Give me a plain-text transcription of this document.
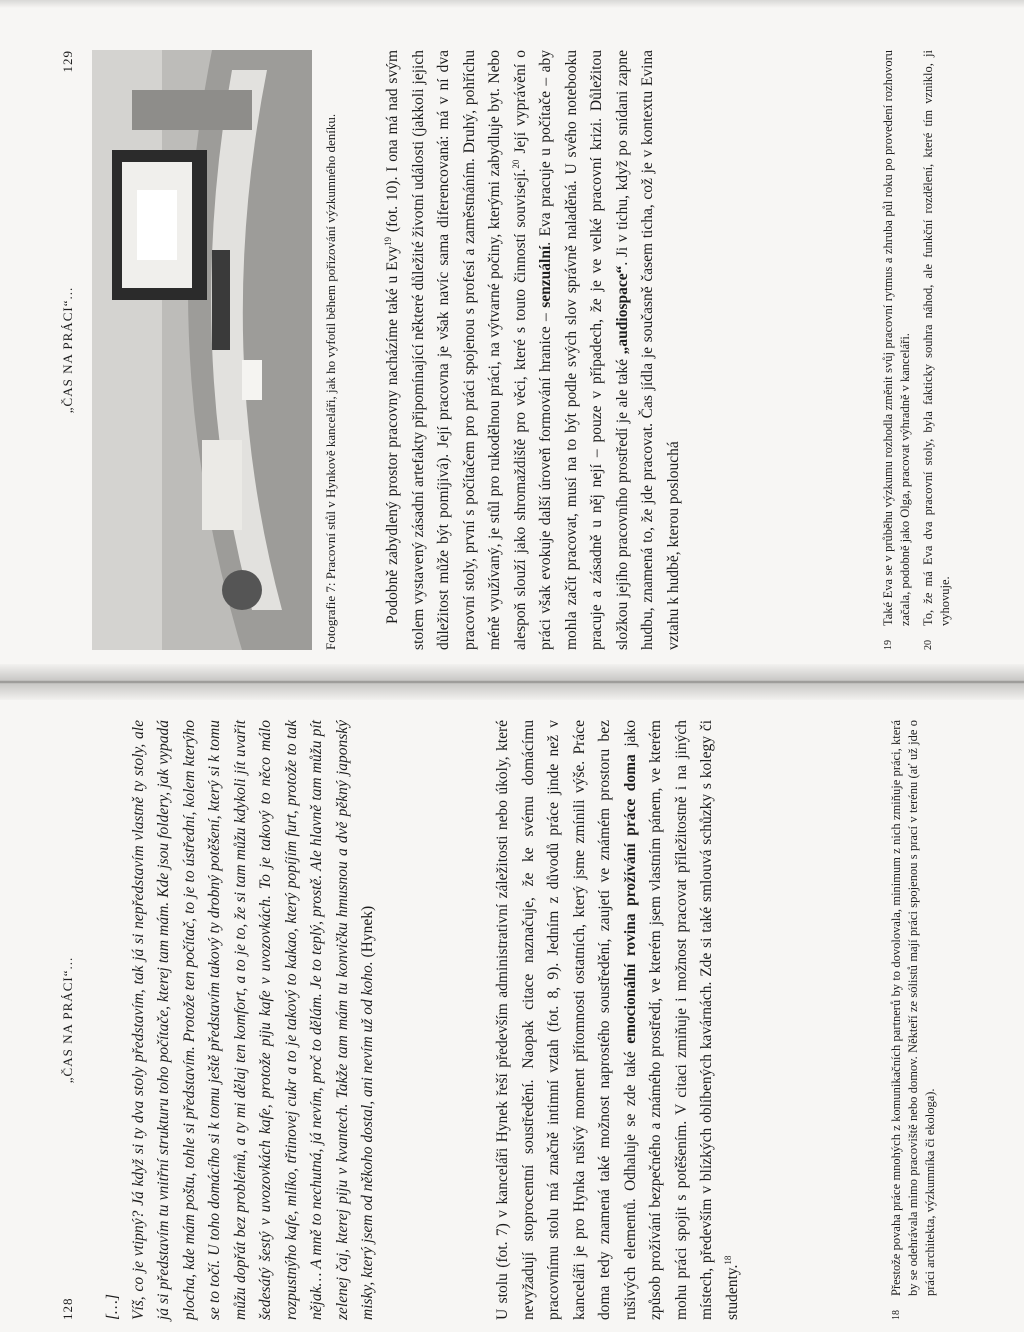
„ČAS NA PRÁCI“...
129
Fotografie 7: Pracovní stůl v Hynkově kanceláři, jak ho vyfotil během pořizování výzkumného deníku.	Podobně zabydlený prostor pracovny nacházíme také u Evy$^{19}$ (fot. 10). I ona má nad svým stolem vystavený zásadní artefakty připomínající některé důležité životní události (jakkoli jejich důležitost může být pomíjivá). Její pracovna je však navíc sama diferencovaná: má v ní dva pracovní stoly, první s počítačem pro práci spojenou s profesí a zaměstnáním. Druhý, pohříchu méně využívaný, je stůl pro rukodělnou práci, na výtvarné počiny, kterými zabydluje byt. Nebo alespoň slouží jako shromaždiště pro věci, které s touto činností souvisejí.$^{20}$ Její vyprávění o práci však evokuje další úroveň formování hranice – senzuální. Eva pracuje u počítače – aby mohla začít pracovat, musí na to být podle svých slov správně naladěná. U svého notebooku pracuje a zásadně u něj nejí – pouze v případech, že je ve velké pracovní krizi. Důležitou složkou jejího pracovního prostředí je ale také „audiospace“. Ji v tichu, když po snídani zapne hudbu, znamená to, že jde pracovat. Čas jídla je současně časem ticha, což je v kontextu Evina vztahu k hudbě, kterou poslouchá	19
Také Eva se v průběhu výzkumu rozhodla změnit svůj pracovní rytmus a zhruba půl roku po provedení rozhovoru začala, podobně jako Olga, pracovat výhradně v kanceláři.
20
To, že má Eva dva pracovní stoly, byla fakticky souhra náhod, ale funkční rozdělení, které tím vzniklo, ji vyhovuje.
128
„ČAS NA PRÁCI“...

[…] Víš, co je vtipný? Já když si ty dva stoly představím, tak já si nepředstavím vlastně ty stoly, ale já si představím tu vnitřní strukturu toho počítače, kterej tam mám. Kde jsou foldery, jak vypadá plocha, kde mám poštu, tohle si představím. Protože ten počítač, to je to ústřední, kolem kterýho se to točí. U toho domácího si k tomu ještě představím takový ty drobný potěšení, který si k tomu můžu dopřát bez problémů, a ty mi dělaj ten komfort, a to je to, že si tam můžu kdykoli jít uvařit šedesátý šestý v uvozovkách kafe, protože piju kafe v uvozovkách. To je takový to něco málo rozpustnýho kafe, mlíko, třtinovej cukr a to je takový to kakao, který popíjím furt, protože to tak nějak… A mně to nechutná, já nevím, proč to dělám. Je to teplý, prostě. Ale hlavně tam můžu pít zelenej čaj, kterej piju v kvantech. Takže tam mám tu konvičku hmusnou a dvě pěkný japonský misky, který jsem od někoho dostal, ani nevím už od koho. (Hynek)	U stolu (fot. 7) v kanceláři Hynek řeší především administrativní záležitosti nebo úkoly, které nevyžadují stoprocentní soustředění. Naopak citace naznačuje, že ke svému domácímu pracovnímu stolu má značně intimní vztah (fot. 8, 9). Jedním z důvodů práce jinde než v kanceláři je pro Hynka rušivý moment přítomnosti ostatních, který jsme zmínili výše. Práce doma tedy znamená také možnost naprostého soustředění, zaujetí ve známém prostoru bez rušivých elementů. Odhaluje se zde také emocionální rovina prožívání práce doma jako způsob prožívání bezpečného a známého prostředí, ve kterém jsem vlastním pánem, ve kterém mohu práci spojit s potěšením. V citaci zmiňuje i možnost pracovat příležitostně i na jiných místech, především v blízkých oblíbených kavárnách. Zde si také smlouvá schůzky s kolegy či studenty.$^{18}$

18
Přestože povaha práce mnohých z komunikačních partnerů by to dovolovala, minimum z nich zmiňuje práci, která by se odehrávala mimo pracoviště nebo domov. Někteří ze sólistů mají práci spojenou s prací v terénu (ať už jde o práci architekta, výzkumníka či ekologa).
